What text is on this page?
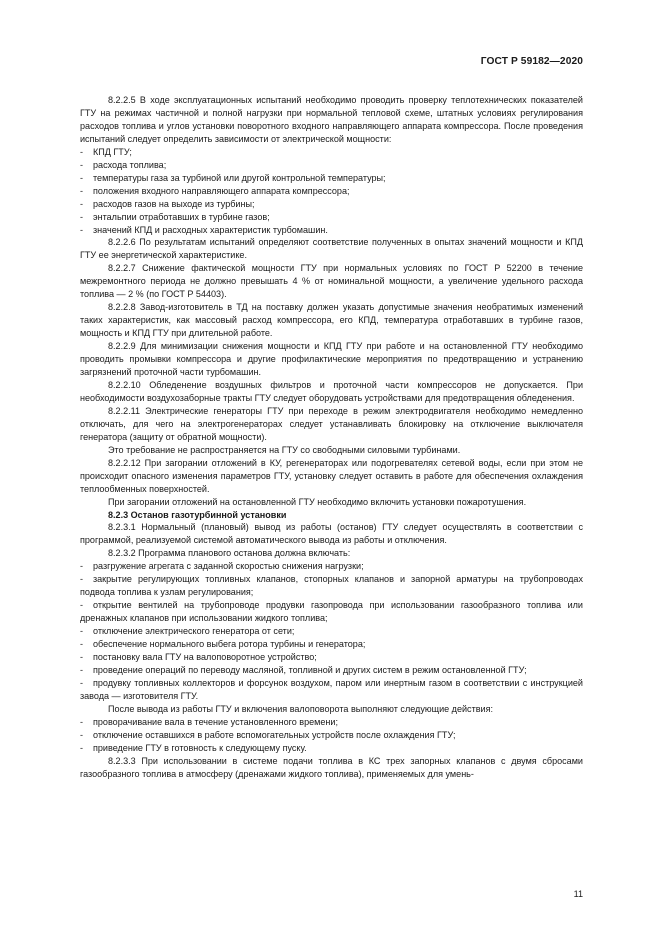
ГОСТ Р 59182—2020

8.2.2.5 В ходе эксплуатационных испытаний необходимо проводить проверку теплотехнических показателей ГТУ на режимах частичной и полной нагрузки при нормальной тепловой схеме, штатных условиях регулирования расходов топлива и углов установки поворотного входного направляющего аппарата компрессора. После проведения испытаний следует определить зависимости от электрической мощности:

- КПД ГТУ;

- расхода топлива;

- температуры газа за турбиной или другой контрольной температуры;

- положения входного направляющего аппарата компрессора;

- расходов газов на выходе из турбины;

- энтальпии отработавших в турбине газов;

- значений КПД и расходных характеристик турбомашин.

8.2.2.6 По результатам испытаний определяют соответствие полученных в опытах значений мощности и КПД ГТУ ее энергетической характеристике.

8.2.2.7 Снижение фактической мощности ГТУ при нормальных условиях по ГОСТ Р 52200 в течение межремонтного периода не должно превышать 4 % от номинальной мощности, а увеличение удельного расхода топлива — 2 % (по ГОСТ Р 54403).

8.2.2.8 Завод-изготовитель в ТД на поставку должен указать допустимые значения необратимых изменений таких характеристик, как массовый расход компрессора, его КПД, температура отработавших в турбине газов, мощность и КПД ГТУ при длительной работе.

8.2.2.9 Для минимизации снижения мощности и КПД ГТУ при работе и на остановленной ГТУ необходимо проводить промывки компрессора и другие профилактические мероприятия по предотвращению и устранению загрязнений проточной части турбомашин.

8.2.2.10 Обледенение воздушных фильтров и проточной части компрессоров не допускается. При необходимости воздухозаборные тракты ГТУ следует оборудовать устройствами для предотвращения обледенения.

8.2.2.11 Электрические генераторы ГТУ при переходе в режим электродвигателя необходимо немедленно отключать, для чего на электрогенераторах следует устанавливать блокировку на отключение выключателя генератора (защиту от обратной мощности).

Это требование не распространяется на ГТУ со свободными силовыми турбинами.

8.2.2.12 При загорании отложений в КУ, регенераторах или подогревателях сетевой воды, если при этом не происходит опасного изменения параметров ГТУ, установку следует оставить в работе для обеспечения охлаждения теплообменных поверхностей.

При загорании отложений на остановленной ГТУ необходимо включить установки пожаротушения.

8.2.3 Останов газотурбинной установки

8.2.3.1 Нормальный (плановый) вывод из работы (останов) ГТУ следует осуществлять в соответствии с программой, реализуемой системой автоматического вывода из работы и отключения.

8.2.3.2 Программа планового останова должна включать:

- разгружение агрегата с заданной скоростью снижения нагрузки;

- закрытие регулирующих топливных клапанов, стопорных клапанов и запорной арматуры на трубопроводах подвода топлива к узлам регулирования;

- открытие вентилей на трубопроводе продувки газопровода при использовании газообразного топлива или дренажных клапанов при использовании жидкого топлива;

- отключение электрического генератора от сети;

- обеспечение нормального выбега ротора турбины и генератора;

- постановку вала ГТУ на валоповоротное устройство;

- проведение операций по переводу масляной, топливной и других систем в режим остановленной ГТУ;

- продувку топливных коллекторов и форсунок воздухом, паром или инертным газом в соответствии с инструкцией завода — изготовителя ГТУ.

После вывода из работы ГТУ и включения валоповорота выполняют следующие действия:

- проворачивание вала в течение установленного времени;

- отключение оставшихся в работе вспомогательных устройств после охлаждения ГТУ;

- приведение ГТУ в готовность к следующему пуску.

8.2.3.3 При использовании в системе подачи топлива в КС трех запорных клапанов с двумя сбросами газообразного топлива в атмосферу (дренажами жидкого топлива), применяемых для умень-

11
